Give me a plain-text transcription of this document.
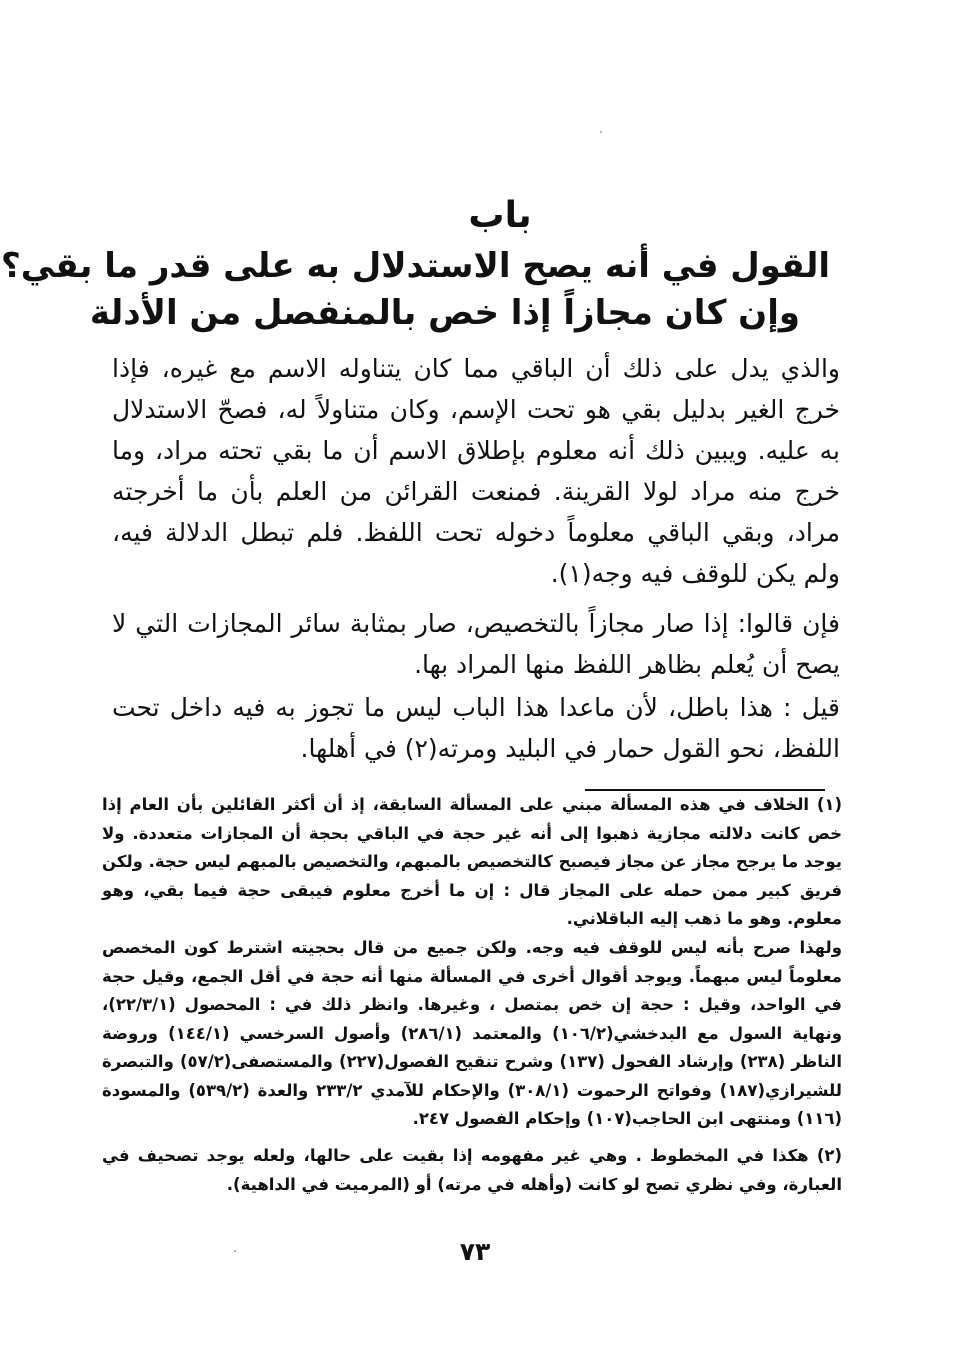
باب
القول في أنه يصح الاستدلال به على قدر ما بقي؟
وإن كان مجازاً إذا خص بالمنفصل من الأدلة

والذي يدل على ذلك أن الباقي مما كان يتناوله الاسم مع غيره، فإذا خرج الغير بدليل بقي هو تحت الإسم، وكان متناولاً له، فصحّ الاستدلال به عليه. ويبين ذلك أنه معلوم بإطلاق الاسم أن ما بقي تحته مراد، وما خرج منه مراد لولا القرينة. فمنعت القرائن من العلم بأن ما أخرجته مراد، وبقي الباقي معلوماً دخوله تحت اللفظ. فلم تبطل الدلالة فيه، ولم يكن للوقف فيه وجه(١).

فإن قالوا: إذا صار مجازاً بالتخصيص، صار بمثابة سائر المجازات التي لا يصح أن يُعلم بظاهر اللفظ منها المراد بها.

قيل : هذا باطل، لأن ماعدا هذا الباب ليس ما تجوز به فيه داخل تحت اللفظ، نحو القول حمار في البليد ومرته(٢) في أهلها.

(١) الخلاف في هذه المسألة مبني على المسألة السابقة، إذ أن أكثر القائلين بأن العام إذا خص كانت دلالته مجازية ذهبوا إلى أنه غير حجة في الباقي بحجة أن المجازات متعددة. ولا يوجد ما يرجح مجاز عن مجاز فيصبح كالتخصيص بالمبهم، والتخصيص بالمبهم ليس حجة. ولكن فريق كبير ممن حمله على المجاز قال : إن ما أخرج معلوم فيبقى حجة فيما بقي، وهو معلوم. وهو ما ذهب إليه الباقلاني.
ولهذا صرح بأنه ليس للوقف فيه وجه. ولكن جميع من قال بحجيته اشترط كون المخصص معلوماً ليس مبهماً. ويوجد أقوال أخرى في المسألة منها أنه حجة في أقل الجمع، وقيل حجة في الواحد، وقيل : حجة إن خص بمتصل ، وغيرها. وانظر ذلك في : المحصول (٢٢/٣/١)، ونهاية السول مع البدخشي(١٠٦/٢) والمعتمد (٢٨٦/١) وأصول السرخسي (١٤٤/١) وروضة الناظر (٢٣٨) وإرشاد الفحول (١٣٧) وشرح تنقيح الفصول(٢٢٧) والمستصفى(٥٧/٢) والتبصرة للشيرازي(١٨٧) وفواتح الرحموت (٣٠٨/١) والإحكام للآمدي ٢٣٣/٢ والعدة (٥٣٩/٢) والمسودة (١١٦) ومنتهى ابن الحاجب(١٠٧) وإحكام الفصول ٢٤٧.
(٢) هكذا في المخطوط . وهي غير مفهومه إذا بقيت على حالها، ولعله يوجد تصحيف في العبارة، وفي نظري تصح لو كانت (وأهله في مرته) أو (المرميت في الداهية).
٧٣
